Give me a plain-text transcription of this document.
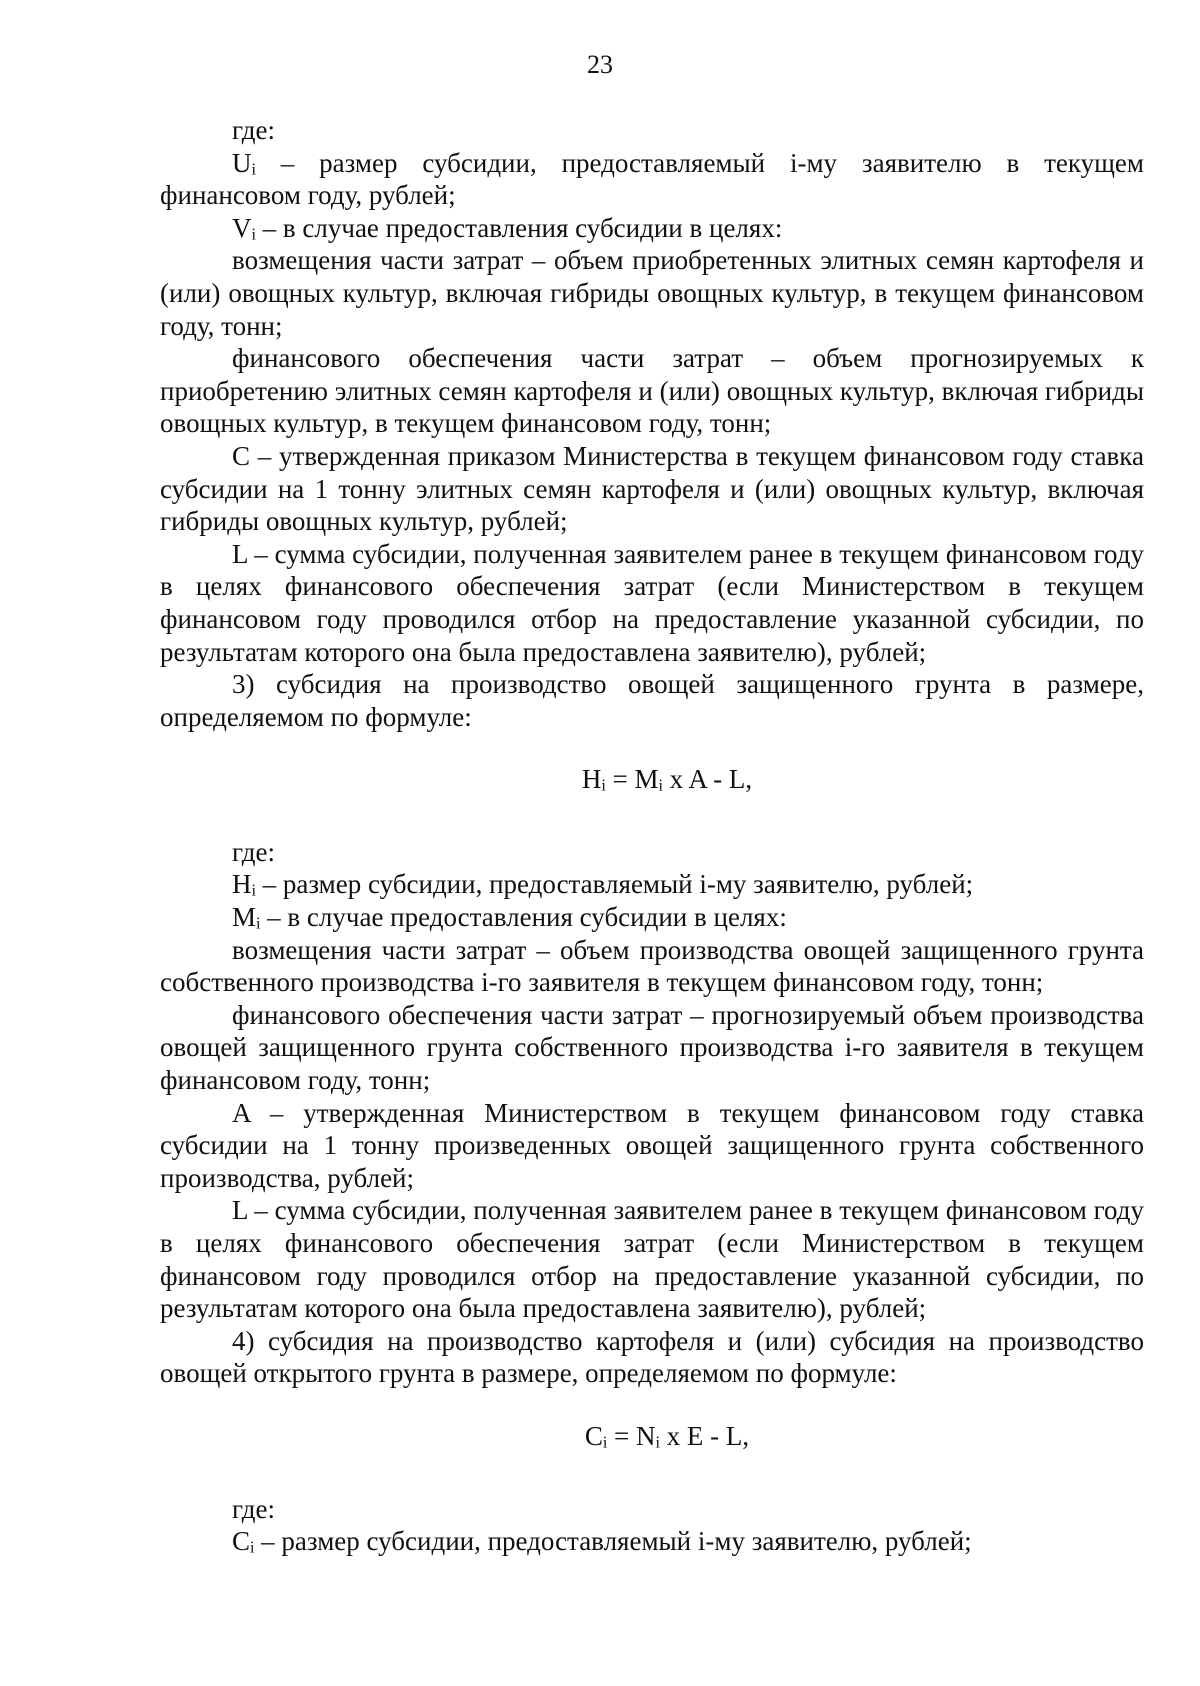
23

где:

Uᵢ – размер субсидии, предоставляемый i-му заявителю в текущем финансовом году, рублей;

Vᵢ – в случае предоставления субсидии в целях:

возмещения части затрат – объем приобретенных элитных семян картофеля и (или) овощных культур, включая гибриды овощных культур, в текущем финансовом году, тонн;

финансового обеспечения части затрат – объем прогнозируемых к приобретению элитных семян картофеля и (или) овощных культур, включая гибриды овощных культур, в текущем финансовом году, тонн;

C – утвержденная приказом Министерства в текущем финансовом году ставка субсидии на 1 тонну элитных семян картофеля и (или) овощных культур, включая гибриды овощных культур, рублей;

L – сумма субсидии, полученная заявителем ранее в текущем финансовом году в целях финансового обеспечения затрат (если Министерством в текущем финансовом году проводился отбор на предоставление указанной субсидии, по результатам которого она была предоставлена заявителю), рублей;

3) субсидия на производство овощей защищенного грунта в размере, определяемом по формуле:

Hᵢ = Mᵢ x A - L,

где:

Hᵢ – размер субсидии, предоставляемый i-му заявителю, рублей;

Mᵢ – в случае предоставления субсидии в целях:

возмещения части затрат – объем производства овощей защищенного грунта собственного производства i-го заявителя в текущем финансовом году, тонн;

финансового обеспечения части затрат – прогнозируемый объем производства овощей защищенного грунта собственного производства i-го заявителя в текущем финансовом году, тонн;

A – утвержденная Министерством в текущем финансовом году ставка субсидии на 1 тонну произведенных овощей защищенного грунта собственного производства, рублей;

L – сумма субсидии, полученная заявителем ранее в текущем финансовом году в целях финансового обеспечения затрат (если Министерством в текущем финансовом году проводился отбор на предоставление указанной субсидии, по результатам которого она была предоставлена заявителю), рублей;

4) субсидия на производство картофеля и (или) субсидия на производство овощей открытого грунта в размере, определяемом по формуле:

Cᵢ = Nᵢ x E - L,

где:

Cᵢ – размер субсидии, предоставляемый i-му заявителю, рублей;
